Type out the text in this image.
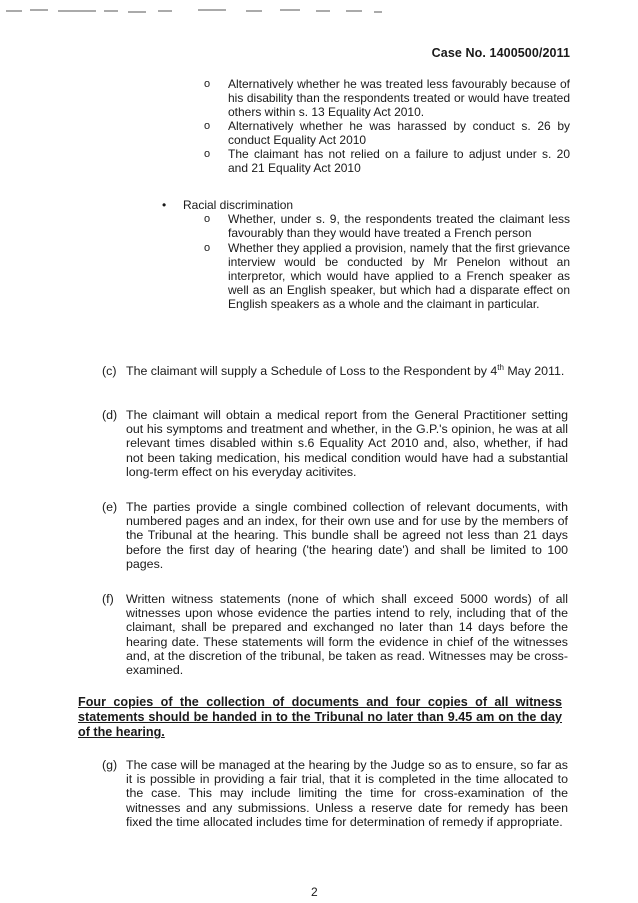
Case No. 1400500/2011
o	Alternatively whether he was treated less favourably because of his disability than the respondents treated or would have treated others within s. 13 Equality Act 2010.
o	Alternatively whether he was harassed by conduct s. 26 by conduct Equality Act 2010
o	The claimant has not relied on a failure to adjust under s. 20 and 21 Equality Act 2010
• Racial discrimination
o	Whether, under s. 9, the respondents treated the claimant less favourably than they would have treated a French person
o	Whether they applied a provision, namely that the first grievance interview would be conducted by Mr Penelon without an interpretor, which would have applied to a French speaker as well as an English speaker, but which had a disparate effect on English speakers as a whole and the claimant in particular.
(c) The claimant will supply a Schedule of Loss to the Respondent by 4th May 2011.
(d) The claimant will obtain a medical report from the General Practitioner setting out his symptoms and treatment and whether, in the G.P.'s opinion, he was at all relevant times disabled within s.6 Equality Act 2010 and, also, whether, if had not been taking medication, his medical condition would have had a substantial long-term effect on his everyday acitivites.
(e) The parties provide a single combined collection of relevant documents, with numbered pages and an index, for their own use and for use by the members of the Tribunal at the hearing. This bundle shall be agreed not less than 21 days before the first day of hearing ('the hearing date') and shall be limited to 100 pages.
(f) Written witness statements (none of which shall exceed 5000 words) of all witnesses upon whose evidence the parties intend to rely, including that of the claimant, shall be prepared and exchanged no later than 14 days before the hearing date. These statements will form the evidence in chief of the witnesses and, at the discretion of the tribunal, be taken as read. Witnesses may be cross-examined.
Four copies of the collection of documents and four copies of all witness statements should be handed in to the Tribunal no later than 9.45 am on the day of the hearing.
(g) The case will be managed at the hearing by the Judge so as to ensure, so far as it is possible in providing a fair trial, that it is completed in the time allocated to the case. This may include limiting the time for cross-examination of the witnesses and any submissions. Unless a reserve date for remedy has been fixed the time allocated includes time for determination of remedy if appropriate.
2
